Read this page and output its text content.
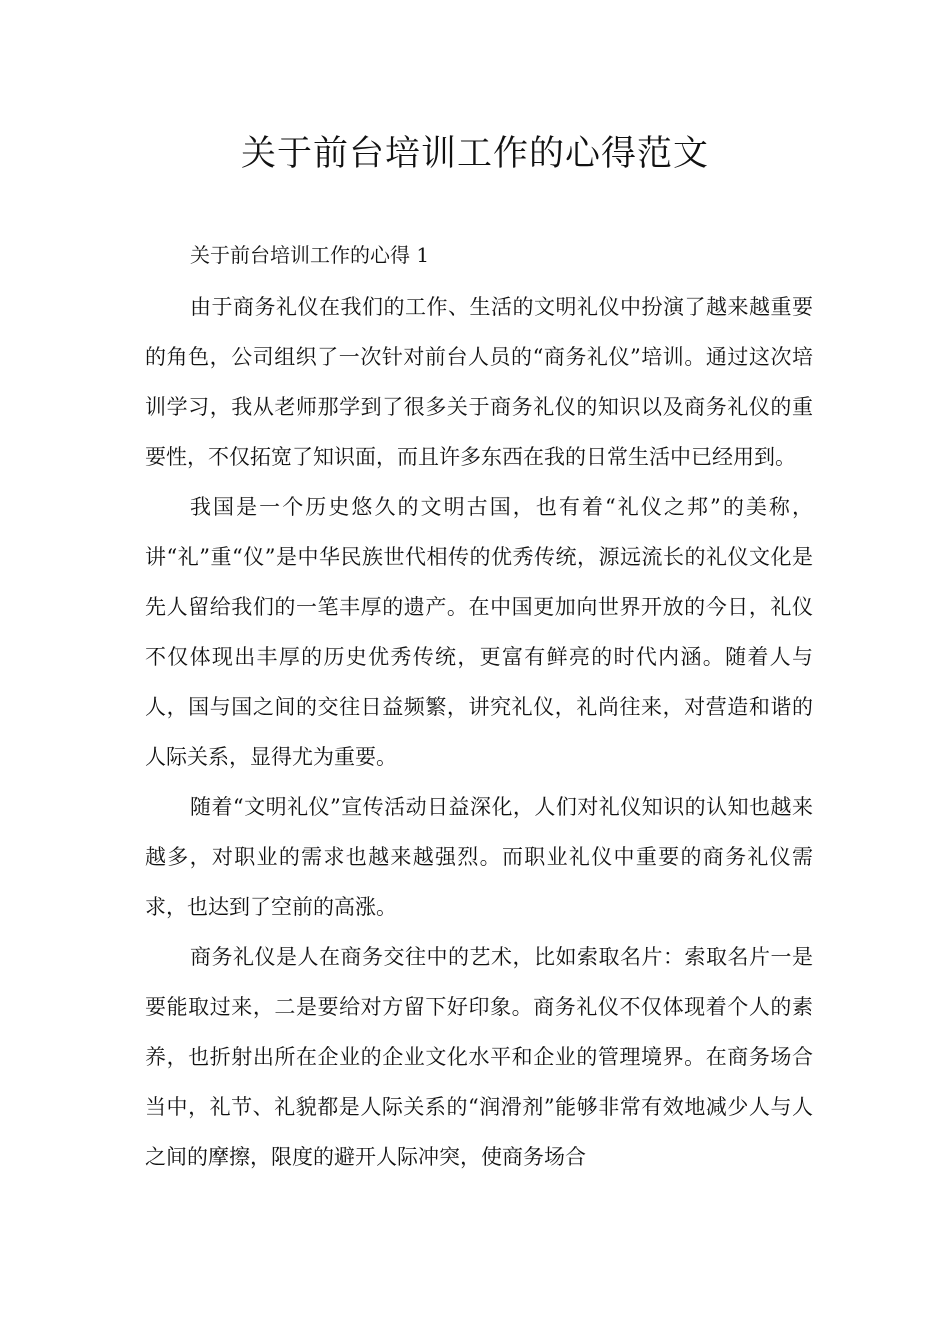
关于前台培训工作的心得范文

关于前台培训工作的心得 1

由于商务礼仪在我们的工作、生活的文明礼仪中扮演了越来越重要的角色，公司组织了一次针对前台人员的“商务礼仪”培训。通过这次培训学习，我从老师那学到了很多关于商务礼仪的知识以及商务礼仪的重要性，不仅拓宽了知识面，而且许多东西在我的日常生活中已经用到。

我国是一个历史悠久的文明古国，也有着“礼仪之邦”的美称，讲“礼”重“仪”是中华民族世代相传的优秀传统，源远流长的礼仪文化是先人留给我们的一笔丰厚的遗产。在中国更加向世界开放的今日，礼仪不仅体现出丰厚的历史优秀传统，更富有鲜亮的时代内涵。随着人与人，国与国之间的交往日益频繁，讲究礼仪，礼尚往来，对营造和谐的人际关系，显得尤为重要。

随着“文明礼仪”宣传活动日益深化，人们对礼仪知识的认知也越来越多，对职业的需求也越来越强烈。而职业礼仪中重要的商务礼仪需求，也达到了空前的高涨。

商务礼仪是人在商务交往中的艺术，比如索取名片：索取名片一是要能取过来，二是要给对方留下好印象。商务礼仪不仅体现着个人的素养，也折射出所在企业的企业文化水平和企业的管理境界。在商务场合当中，礼节、礼貌都是人际关系的“润滑剂”能够非常有效地减少人与人之间的摩擦，限度的避开人际冲突，使商务场合
